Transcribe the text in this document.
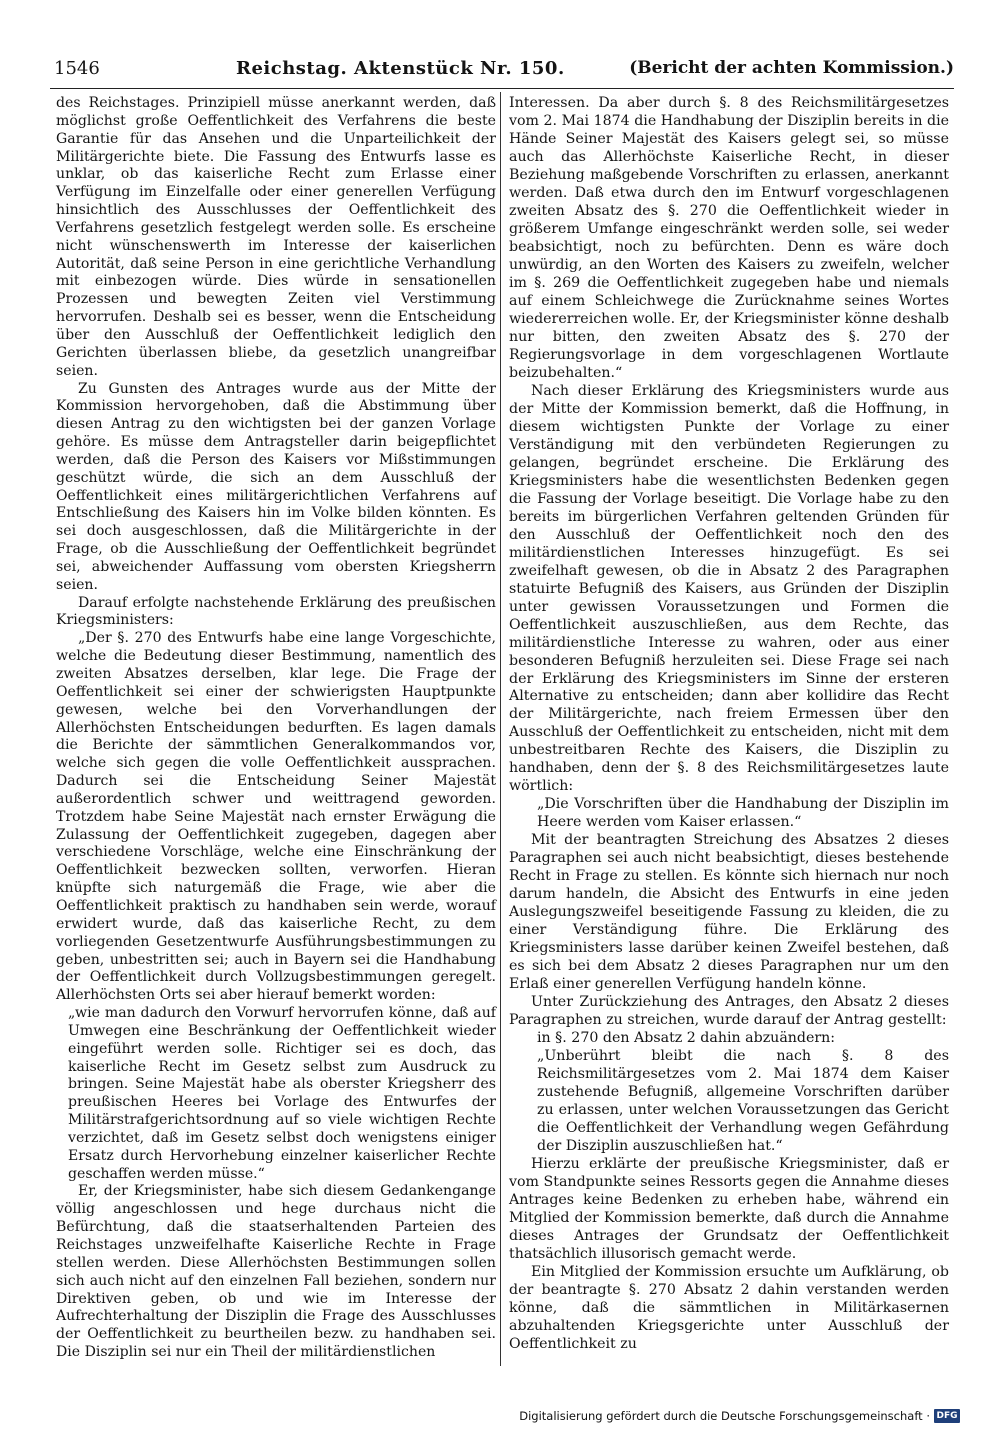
1546	Reichstag. Aktenstück Nr. 150.	(Bericht der achten Kommission.)

des Reichstages. Prinzipiell müsse anerkannt werden, daß möglichst große Oeffentlichkeit des Verfahrens die beste Garantie für das Ansehen und die Unparteilichkeit der Militärgerichte biete. Die Fassung des Entwurfs lasse es unklar, ob das kaiserliche Recht zum Erlasse einer Verfügung im Einzelfalle oder einer generellen Verfügung hinsichtlich des Ausschlusses der Oeffentlichkeit des Verfahrens gesetzlich festgelegt werden solle. Es erscheine nicht wünschenswerth im Interesse der kaiserlichen Autorität, daß seine Person in eine gerichtliche Verhandlung mit einbezogen würde. Dies würde in sensationellen Prozessen und bewegten Zeiten viel Verstimmung hervorrufen. Deshalb sei es besser, wenn die Entscheidung über den Ausschluß der Oeffentlichkeit lediglich den Gerichten überlassen bliebe, da gesetzlich unangreifbar seien.

Zu Gunsten des Antrages wurde aus der Mitte der Kommission hervorgehoben, daß die Abstimmung über diesen Antrag zu den wichtigsten bei der ganzen Vorlage gehöre. Es müsse dem Antragsteller darin beigepflichtet werden, daß die Person des Kaisers vor Mißstimmungen geschützt würde, die sich an dem Ausschluß der Oeffentlichkeit eines militärgerichtlichen Verfahrens auf Entschließung des Kaisers hin im Volke bilden könnten. Es sei doch ausgeschlossen, daß die Militärgerichte in der Frage, ob die Ausschließung der Oeffentlichkeit begründet sei, abweichender Auffassung vom obersten Kriegsherrn seien.

Darauf erfolgte nachstehende Erklärung des preußischen Kriegsministers:

„Der §. 270 des Entwurfs habe eine lange Vorgeschichte, welche die Bedeutung dieser Bestimmung, namentlich des zweiten Absatzes derselben, klar lege. Die Frage der Oeffentlichkeit sei einer der schwierigsten Hauptpunkte gewesen, welche bei den Vorverhandlungen der Allerhöchsten Entscheidungen bedurften. Es lagen damals die Berichte der sämmtlichen Generalkommandos vor, welche sich gegen die volle Oeffentlichkeit aussprachen. Dadurch sei die Entscheidung Seiner Majestät außerordentlich schwer und weittragend geworden. Trotzdem habe Seine Majestät nach ernster Erwägung die Zulassung der Oeffentlichkeit zugegeben, dagegen aber verschiedene Vorschläge, welche eine Einschränkung der Oeffentlichkeit bezwecken sollten, verworfen. Hieran knüpfte sich naturgemäß die Frage, wie aber die Oeffentlichkeit praktisch zu handhaben sein werde, worauf erwidert wurde, daß das kaiserliche Recht, zu dem vorliegenden Gesetzentwurfe Ausführungsbestimmungen zu geben, unbestritten sei; auch in Bayern sei die Handhabung der Oeffentlichkeit durch Vollzugsbestimmungen geregelt. Allerhöchsten Orts sei aber hierauf bemerkt worden:

„wie man dadurch den Vorwurf hervorrufen könne, daß auf Umwegen eine Beschränkung der Oeffentlichkeit wieder eingeführt werden solle. Richtiger sei es doch, das kaiserliche Recht im Gesetz selbst zum Ausdruck zu bringen. Seine Majestät habe als oberster Kriegsherr des preußischen Heeres bei Vorlage des Entwurfes der Militärstrafgerichtsordnung auf so viele wichtigen Rechte verzichtet, daß im Gesetz selbst doch wenigstens einiger Ersatz durch Hervorhebung einzelner kaiserlicher Rechte geschaffen werden müsse.“

Er, der Kriegsminister, habe sich diesem Gedankengange völlig angeschlossen und hege durchaus nicht die Befürchtung, daß die staatserhaltenden Parteien des Reichstages unzweifelhafte Kaiserliche Rechte in Frage stellen werden. Diese Allerhöchsten Bestimmungen sollen sich auch nicht auf den einzelnen Fall beziehen, sondern nur Direktiven geben, ob und wie im Interesse der Aufrechterhaltung der Disziplin die Frage des Ausschlusses der Oeffentlichkeit zu beurtheilen bezw. zu handhaben sei. Die Disziplin sei nur ein Theil der militärdienstlichen

Interessen. Da aber durch §. 8 des Reichsmilitärgesetzes vom 2. Mai 1874 die Handhabung der Disziplin bereits in die Hände Seiner Majestät des Kaisers gelegt sei, so müsse auch das Allerhöchste Kaiserliche Recht, in dieser Beziehung maßgebende Vorschriften zu erlassen, anerkannt werden. Daß etwa durch den im Entwurf vorgeschlagenen zweiten Absatz des §. 270 die Oeffentlichkeit wieder in größerem Umfange eingeschränkt werden solle, sei weder beabsichtigt, noch zu befürchten. Denn es wäre doch unwürdig, an den Worten des Kaisers zu zweifeln, welcher im §. 269 die Oeffentlichkeit zugegeben habe und niemals auf einem Schleichwege die Zurücknahme seines Wortes wiedererreichen wolle. Er, der Kriegsminister könne deshalb nur bitten, den zweiten Absatz des §. 270 der Regierungsvorlage in dem vorgeschlagenen Wortlaute beizubehalten.“

Nach dieser Erklärung des Kriegsministers wurde aus der Mitte der Kommission bemerkt, daß die Hoffnung, in diesem wichtigsten Punkte der Vorlage zu einer Verständigung mit den verbündeten Regierungen zu gelangen, begründet erscheine. Die Erklärung des Kriegsministers habe die wesentlichsten Bedenken gegen die Fassung der Vorlage beseitigt. Die Vorlage habe zu den bereits im bürgerlichen Verfahren geltenden Gründen für den Ausschluß der Oeffentlichkeit noch den des militärdienstlichen Interesses hinzugefügt. Es sei zweifelhaft gewesen, ob die in Absatz 2 des Paragraphen statuirte Befugniß des Kaisers, aus Gründen der Disziplin unter gewissen Voraussetzungen und Formen die Oeffentlichkeit auszuschließen, aus dem Rechte, das militärdienstliche Interesse zu wahren, oder aus einer besonderen Befugniß herzuleiten sei. Diese Frage sei nach der Erklärung des Kriegsministers im Sinne der ersteren Alternative zu entscheiden; dann aber kollidire das Recht der Militärgerichte, nach freiem Ermessen über den Ausschluß der Oeffentlichkeit zu entscheiden, nicht mit dem unbestreitbaren Rechte des Kaisers, die Disziplin zu handhaben, denn der §. 8 des Reichsmilitärgesetzes laute wörtlich:

„Die Vorschriften über die Handhabung der Disziplin im Heere werden vom Kaiser erlassen.“

Mit der beantragten Streichung des Absatzes 2 dieses Paragraphen sei auch nicht beabsichtigt, dieses bestehende Recht in Frage zu stellen. Es könnte sich hiernach nur noch darum handeln, die Absicht des Entwurfs in eine jeden Auslegungszweifel beseitigende Fassung zu kleiden, die zu einer Verständigung führe. Die Erklärung des Kriegsministers lasse darüber keinen Zweifel bestehen, daß es sich bei dem Absatz 2 dieses Paragraphen nur um den Erlaß einer generellen Verfügung handeln könne.

Unter Zurückziehung des Antrages, den Absatz 2 dieses Paragraphen zu streichen, wurde darauf der Antrag gestellt:

in §. 270 den Absatz 2 dahin abzuändern:

„Unberührt bleibt die nach §. 8 des Reichsmilitärgesetzes vom 2. Mai 1874 dem Kaiser zustehende Befugniß, allgemeine Vorschriften darüber zu erlassen, unter welchen Voraussetzungen das Gericht die Oeffentlichkeit der Verhandlung wegen Gefährdung der Disziplin auszuschließen hat.“

Hierzu erklärte der preußische Kriegsminister, daß er vom Standpunkte seines Ressorts gegen die Annahme dieses Antrages keine Bedenken zu erheben habe, während ein Mitglied der Kommission bemerkte, daß durch die Annahme dieses Antrages der Grundsatz der Oeffentlichkeit thatsächlich illusorisch gemacht werde.

Ein Mitglied der Kommission ersuchte um Aufklärung, ob der beantragte §. 270 Absatz 2 dahin verstanden werden könne, daß die sämmtlichen in Militärkasernen abzuhaltenden Kriegsgerichte unter Ausschluß der Oeffentlichkeit zu

Digitalisierung gefördert durch die Deutsche Forschungsgemeinschaft · DFG
